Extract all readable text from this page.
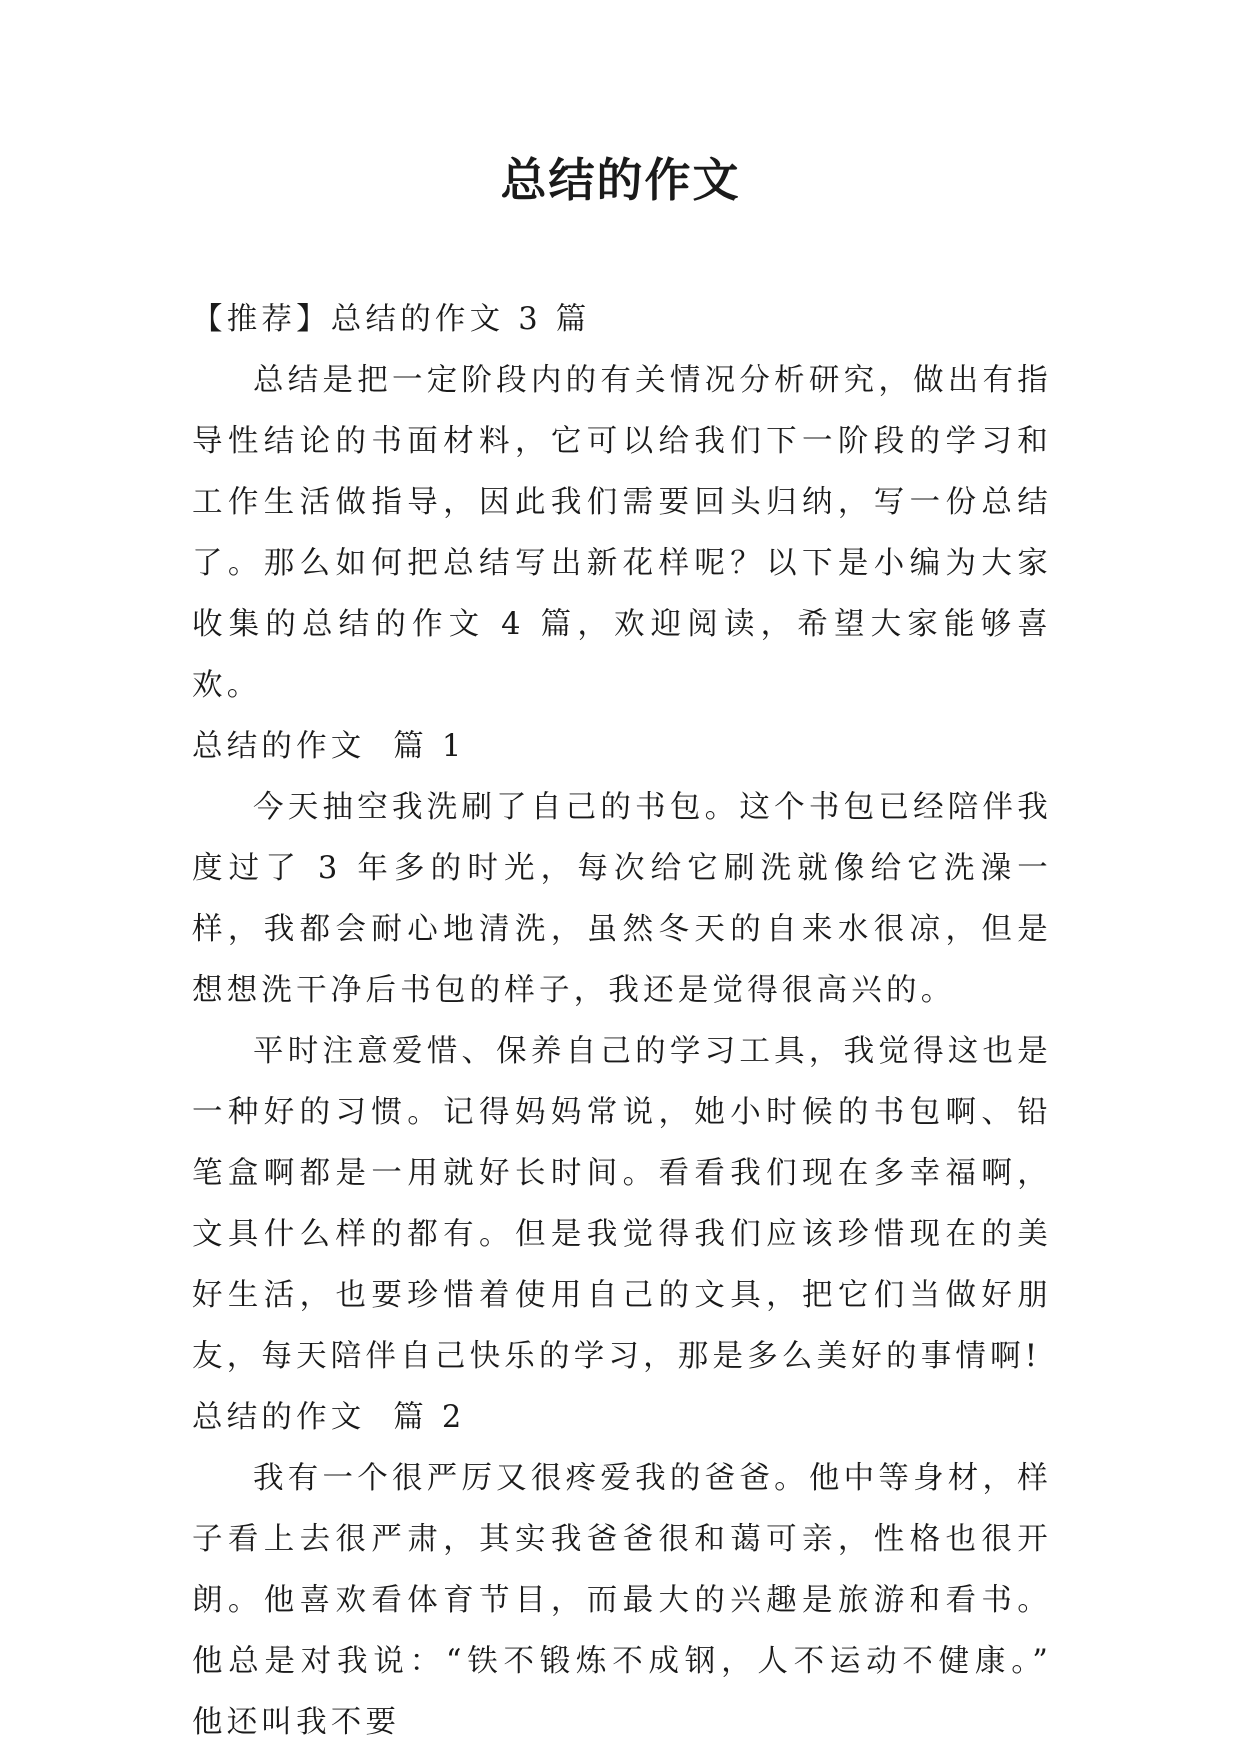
总结的作文

【推荐】总结的作文 3 篇

总结是把一定阶段内的有关情况分析研究，做出有指导性结论的书面材料，它可以给我们下一阶段的学习和工作生活做指导，因此我们需要回头归纳，写一份总结了。那么如何把总结写出新花样呢？以下是小编为大家收集的总结的作文 4 篇，欢迎阅读，希望大家能够喜欢。

总结的作文  篇 1

今天抽空我洗刷了自己的书包。这个书包已经陪伴我度过了 3 年多的时光，每次给它刷洗就像给它洗澡一样，我都会耐心地清洗，虽然冬天的自来水很凉，但是想想洗干净后书包的样子，我还是觉得很高兴的。

平时注意爱惜、保养自己的学习工具，我觉得这也是一种好的习惯。记得妈妈常说，她小时候的书包啊、铅笔盒啊都是一用就好长时间。看看我们现在多幸福啊，文具什么样的都有。但是我觉得我们应该珍惜现在的美好生活，也要珍惜着使用自己的文具，把它们当做好朋友，每天陪伴自己快乐的学习，那是多么美好的事情啊!

总结的作文  篇 2

我有一个很严厉又很疼爱我的爸爸。他中等身材，样子看上去很严肃，其实我爸爸很和蔼可亲，性格也很开朗。他喜欢看体育节目，而最大的兴趣是旅游和看书。他总是对我说：“铁不锻炼不成钢，人不运动不健康。” 他还叫我不要
